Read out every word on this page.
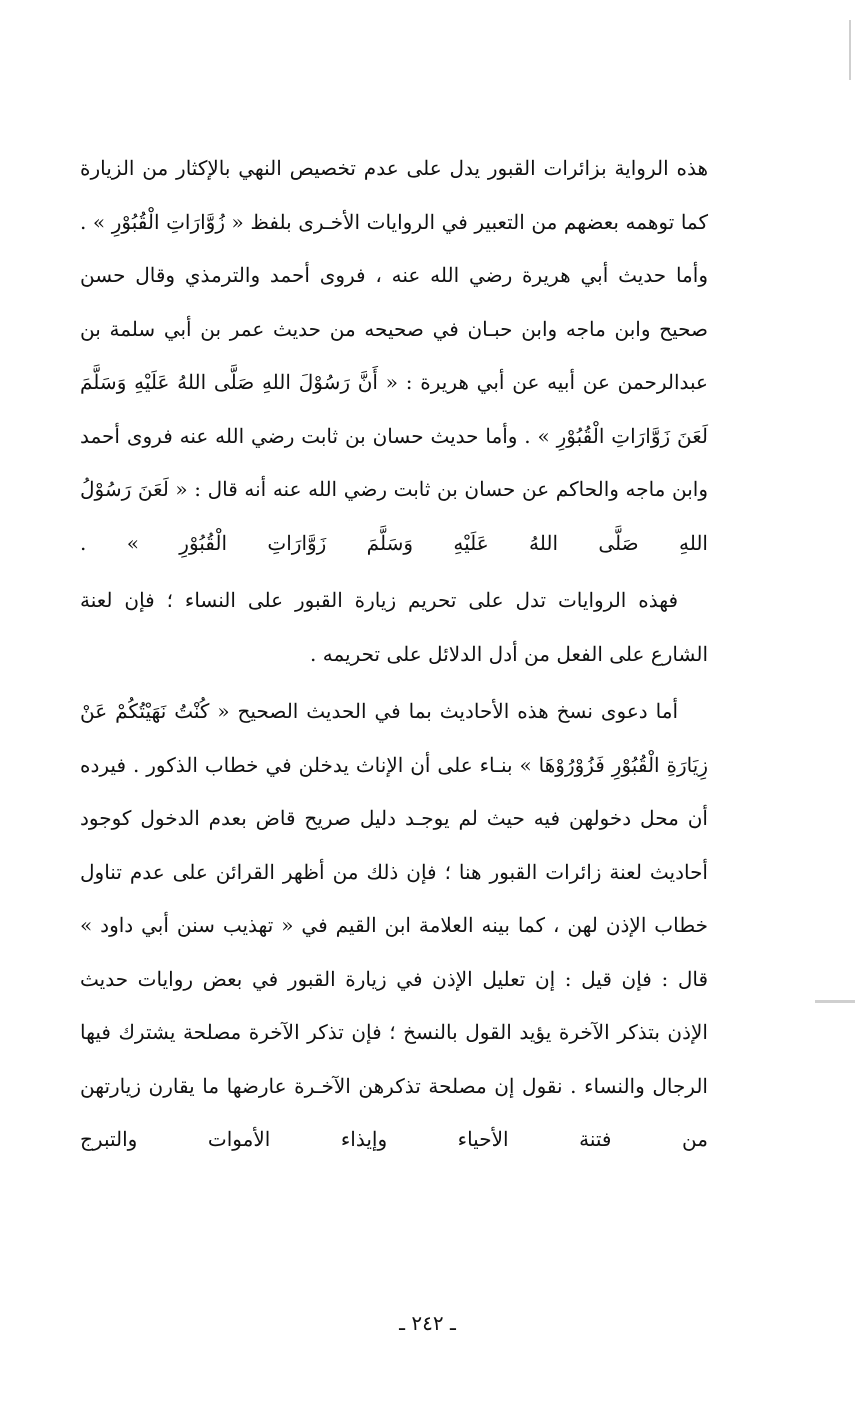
هذه الرواية بزائرات القبور يدل على عدم تخصيص النهي بالإكثار من الزيارة كما توهمه بعضهم من التعبير في الروايات الأخـرى بلفظ « زُوَّارَاتِ الْقُبُوْرِ » . وأما حديث أبي هريرة رضي الله عنه ، فروى أحمد والترمذي وقال حسن صحيح وابن ماجه وابن حبـان في صحيحه من حديث عمر بن أبي سلمة بن عبدالرحمن عن أبيه عن أبي هريرة : « أَنَّ رَسُوْلَ اللهِ صَلَّى اللهُ عَلَيْهِ وَسَلَّمَ لَعَنَ زَوَّارَاتِ الْقُبُوْرِ » . وأما حديث حسان بن ثابت رضي الله عنه فروى أحمد وابن ماجه والحاكم عن حسان بن ثابت رضي الله عنه أنه قال : « لَعَنَ رَسُوْلُ اللهِ صَلَّى اللهُ عَلَيْهِ وَسَلَّمَ زَوَّارَاتِ الْقُبُوْرِ » .

فهذه الروايات تدل على تحريم زيارة القبور على النساء ؛ فإن لعنة الشارع على الفعل من أدل الدلائل على تحريمه .

أما دعوى نسخ هذه الأحاديث بما في الحديث الصحيح « كُنْتُ نَهَيْتُكُمْ عَنْ زِيَارَةِ الْقُبُوْرِ فَزُوْرُوْهَا » بنـاء على أن الإناث يدخلن في خطاب الذكور . فيرده أن محل دخولهن فيه حيث لم يوجـد دليل صريح قاض بعدم الدخول كوجود أحاديث لعنة زائرات القبور هنا ؛ فإن ذلك من أظهر القرائن على عدم تناول خطاب الإذن لهن ، كما بينه العلامة ابن القيم في « تهذيب سنن أبي داود » قال : فإن قيل : إن تعليل الإذن في زيارة القبور في بعض روايات حديث الإذن بتذكر الآخرة يؤيد القول بالنسخ ؛ فإن تذكر الآخرة مصلحة يشترك فيها الرجال والنساء . نقول إن مصلحة تذكرهن الآخـرة عارضها ما يقارن زيارتهن من فتنة الأحياء وإيذاء الأموات والتبرج

ـ ٢٤٢ ـ
